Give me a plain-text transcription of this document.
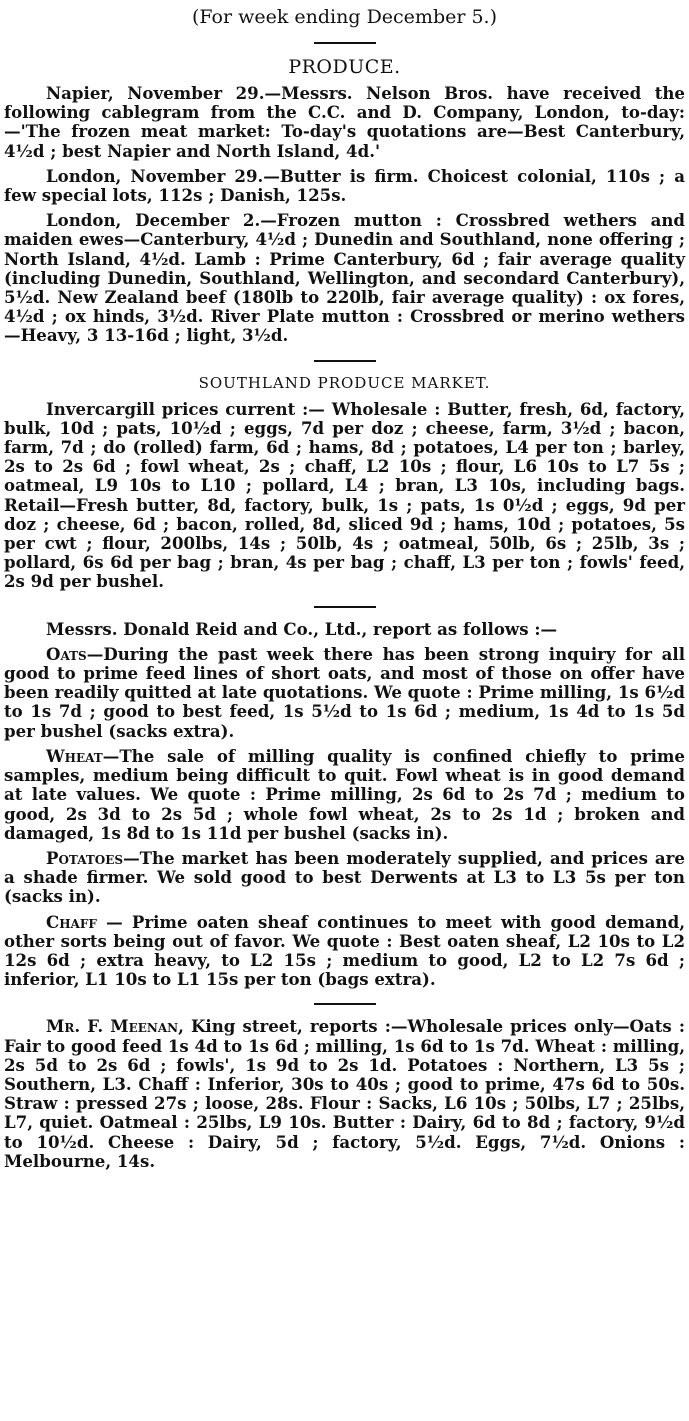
(For week ending December 5.)
PRODUCE.

Napier, November 29.—Messrs. Nelson Bros. have received the following cablegram from the C.C. and D. Company, London, to-day:—'The frozen meat market: To-day's quotations are—Best Canterbury, 4½d ; best Napier and North Island, 4d.'

London, November 29.—Butter is firm. Choicest colonial, 110s ; a few special lots, 112s ; Danish, 125s.

London, December 2.—Frozen mutton : Crossbred wethers and maiden ewes—Canterbury, 4½d ; Dunedin and Southland, none offering ; North Island, 4½d. Lamb : Prime Canterbury, 6d ; fair average quality (including Dunedin, Southland, Wellington, and secondard Canterbury), 5½d. New Zealand beef (180lb to 220lb, fair average quality) : ox fores, 4½d ; ox hinds, 3½d. River Plate mutton : Crossbred or merino wethers—Heavy, 3 13-16d ; light, 3½d.

SOUTHLAND PRODUCE MARKET.

Invercargill prices current :— Wholesale : Butter, fresh, 6d, factory, bulk, 10d ; pats, 10½d ; eggs, 7d per doz ; cheese, farm, 3½d ; bacon, farm, 7d ; do (rolled) farm, 6d ; hams, 8d ; potatoes, L4 per ton ; barley, 2s to 2s 6d ; fowl wheat, 2s ; chaff, L2 10s ; flour, L6 10s to L7 5s ; oatmeal, L9 10s to L10 ; pollard, L4 ; bran, L3 10s, including bags. Retail—Fresh butter, 8d, factory, bulk, 1s ; pats, 1s 0½d ; eggs, 9d per doz ; cheese, 6d ; bacon, rolled, 8d, sliced 9d ; hams, 10d ; potatoes, 5s per cwt ; flour, 200lbs, 14s ; 50lb, 4s ; oatmeal, 50lb, 6s ; 25lb, 3s ; pollard, 6s 6d per bag ; bran, 4s per bag ; chaff, L3 per ton ; fowls' feed, 2s 9d per bushel.

Messrs. Donald Reid and Co., Ltd., report as follows :—

Oats—During the past week there has been strong inquiry for all good to prime feed lines of short oats, and most of those on offer have been readily quitted at late quotations. We quote : Prime milling, 1s 6½d to 1s 7d ; good to best feed, 1s 5½d to 1s 6d ; medium, 1s 4d to 1s 5d per bushel (sacks extra).

Wheat—The sale of milling quality is confined chiefly to prime samples, medium being difficult to quit. Fowl wheat is in good demand at late values. We quote : Prime milling, 2s 6d to 2s 7d ; medium to good, 2s 3d to 2s 5d ; whole fowl wheat, 2s to 2s 1d ; broken and damaged, 1s 8d to 1s 11d per bushel (sacks in).

Potatoes—The market has been moderately supplied, and prices are a shade firmer. We sold good to best Derwents at L3 to L3 5s per ton (sacks in).

Chaff — Prime oaten sheaf continues to meet with good demand, other sorts being out of favor. We quote : Best oaten sheaf, L2 10s to L2 12s 6d ; extra heavy, to L2 15s ; medium to good, L2 to L2 7s 6d ; inferior, L1 10s to L1 15s per ton (bags extra).

Mr. F. Meenan, King street, reports :—Wholesale prices only—Oats : Fair to good feed 1s 4d to 1s 6d ; milling, 1s 6d to 1s 7d. Wheat : milling, 2s 5d to 2s 6d ; fowls', 1s 9d to 2s 1d. Potatoes : Northern, L3 5s ; Southern, L3. Chaff : Inferior, 30s to 40s ; good to prime, 47s 6d to 50s. Straw : pressed 27s ; loose, 28s. Flour : Sacks, L6 10s ; 50lbs, L7 ; 25lbs, L7, quiet. Oatmeal : 25lbs, L9 10s. Butter : Dairy, 6d to 8d ; factory, 9½d to 10½d. Cheese : Dairy, 5d ; factory, 5½d. Eggs, 7½d. Onions : Melbourne, 14s.
